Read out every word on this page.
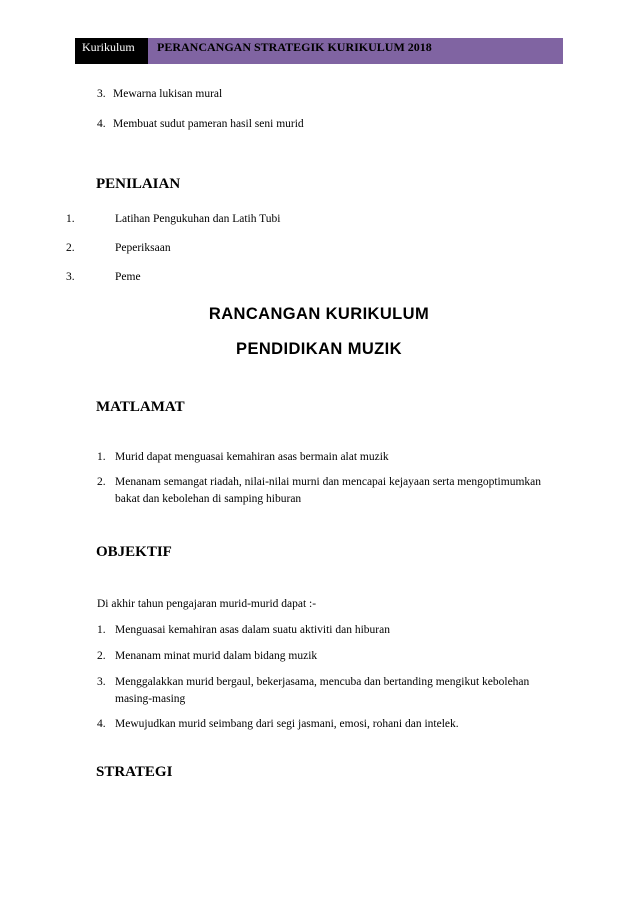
Kurikulum	PERANCANGAN STRATEGIK KURIKULUM 2018
3. Mewarna lukisan mural
4. Membuat sudut pameran hasil seni murid
PENILAIAN
1.	Latihan Pengukuhan dan Latih Tubi
2.	Peperiksaan
3.	Peme
RANCANGAN KURIKULUM
PENDIDIKAN MUZIK
MATLAMAT
1. Murid dapat menguasai kemahiran asas bermain alat muzik
2. Menanam semangat riadah, nilai-nilai murni dan mencapai kejayaan serta mengoptimumkan
bakat dan kebolehan di samping hiburan
OBJEKTIF
Di akhir tahun pengajaran murid-murid dapat :-
1. Menguasai kemahiran asas dalam suatu aktiviti dan hiburan
2. Menanam minat murid dalam bidang muzik
3. Menggalakkan murid bergaul, bekerjasama, mencuba dan bertanding mengikut kebolehan
masing-masing
4. Mewujudkan murid seimbang dari segi jasmani, emosi, rohani dan intelek.
STRATEGI
